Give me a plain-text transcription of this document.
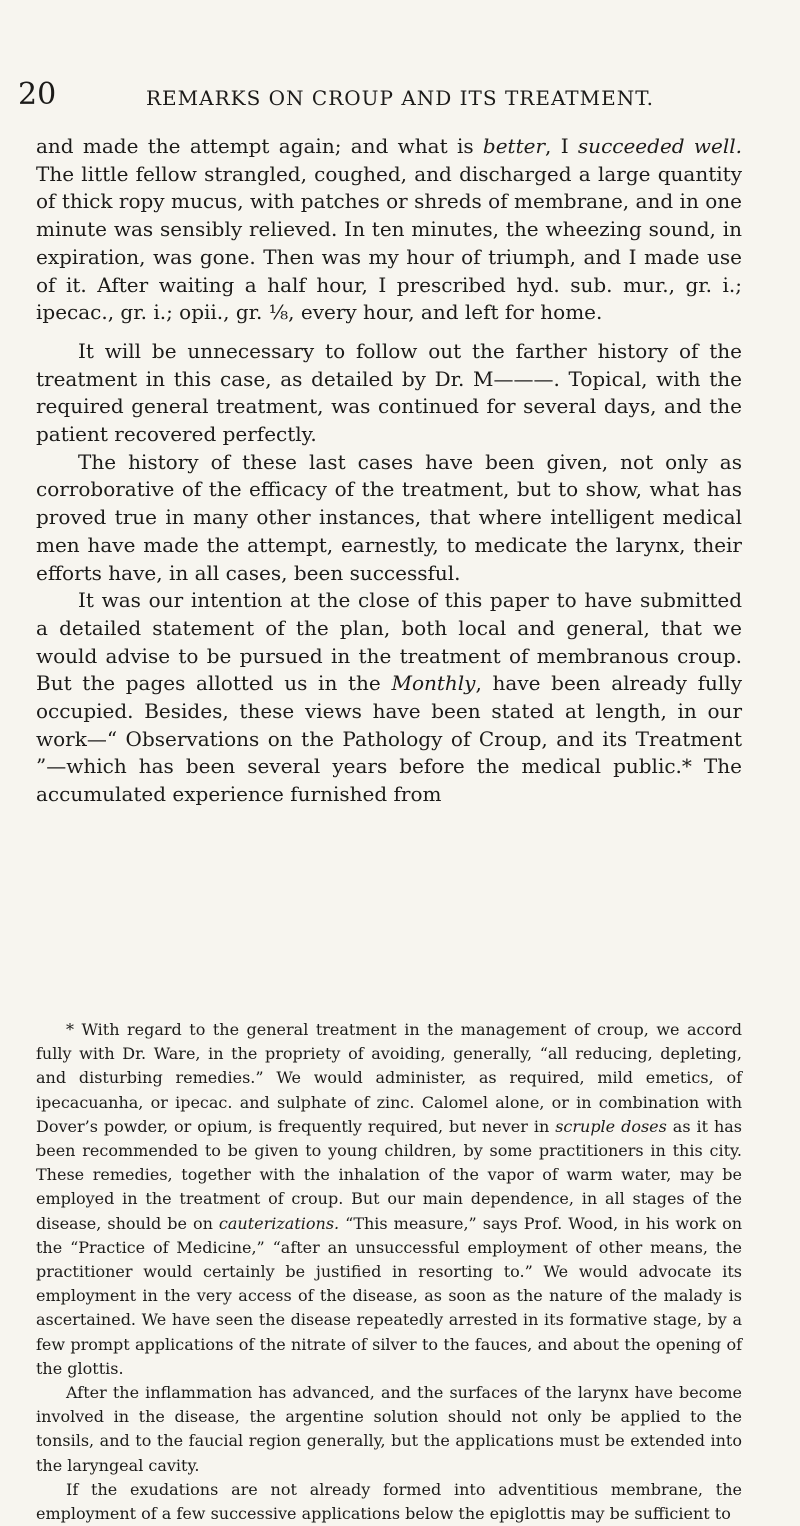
20	REMARKS ON CROUP AND ITS TREATMENT.

and made the attempt again; and what is better, I succeeded well. The little fellow strangled, coughed, and discharged a large quantity of thick ropy mucus, with patches or shreds of membrane, and in one minute was sensibly relieved. In ten minutes, the wheezing sound, in expiration, was gone. Then was my hour of triumph, and I made use of it. After waiting a half hour, I prescribed hyd. sub. mur., gr. i.; ipecac., gr. i.; opii., gr. ⅛, every hour, and left for home.

It will be unnecessary to follow out the farther history of the treatment in this case, as detailed by Dr. M———. Topical, with the required general treatment, was continued for several days, and the patient recovered perfectly.

The history of these last cases have been given, not only as corroborative of the efficacy of the treatment, but to show, what has proved true in many other instances, that where intelligent medical men have made the attempt, earnestly, to medicate the larynx, their efforts have, in all cases, been successful.

It was our intention at the close of this paper to have submitted a detailed statement of the plan, both local and general, that we would advise to be pursued in the treatment of membranous croup. But the pages allotted us in the Monthly, have been already fully occupied. Besides, these views have been stated at length, in our work—“ Observations on the Pathology of Croup, and its Treatment ”—which has been several years before the medical public.* The accumulated experience furnished from

* With regard to the general treatment in the management of croup, we accord fully with Dr. Ware, in the propriety of avoiding, generally, “all reducing, depleting, and disturbing remedies.” We would administer, as required, mild emetics, of ipecacuanha, or ipecac. and sulphate of zinc. Calomel alone, or in combination with Dover’s powder, or opium, is frequently required, but never in scruple doses as it has been recommended to be given to young children, by some practitioners in this city. These remedies, together with the inhalation of the vapor of warm water, may be employed in the treatment of croup. But our main dependence, in all stages of the disease, should be on cauterizations. “This measure,” says Prof. Wood, in his work on the “Practice of Medicine,” “after an unsuccessful employment of other means, the practitioner would certainly be justified in resorting to.” We would advocate its employment in the very access of the disease, as soon as the nature of the malady is ascertained. We have seen the disease repeatedly arrested in its formative stage, by a few prompt applications of the nitrate of silver to the fauces, and about the opening of the glottis.

After the inflammation has advanced, and the surfaces of the larynx have become involved in the disease, the argentine solution should not only be applied to the tonsils, and to the faucial region generally, but the applications must be extended into the laryngeal cavity.

If the exudations are not already formed into adventitious membrane, the employment of a few successive applications below the epiglottis may be sufficient to
